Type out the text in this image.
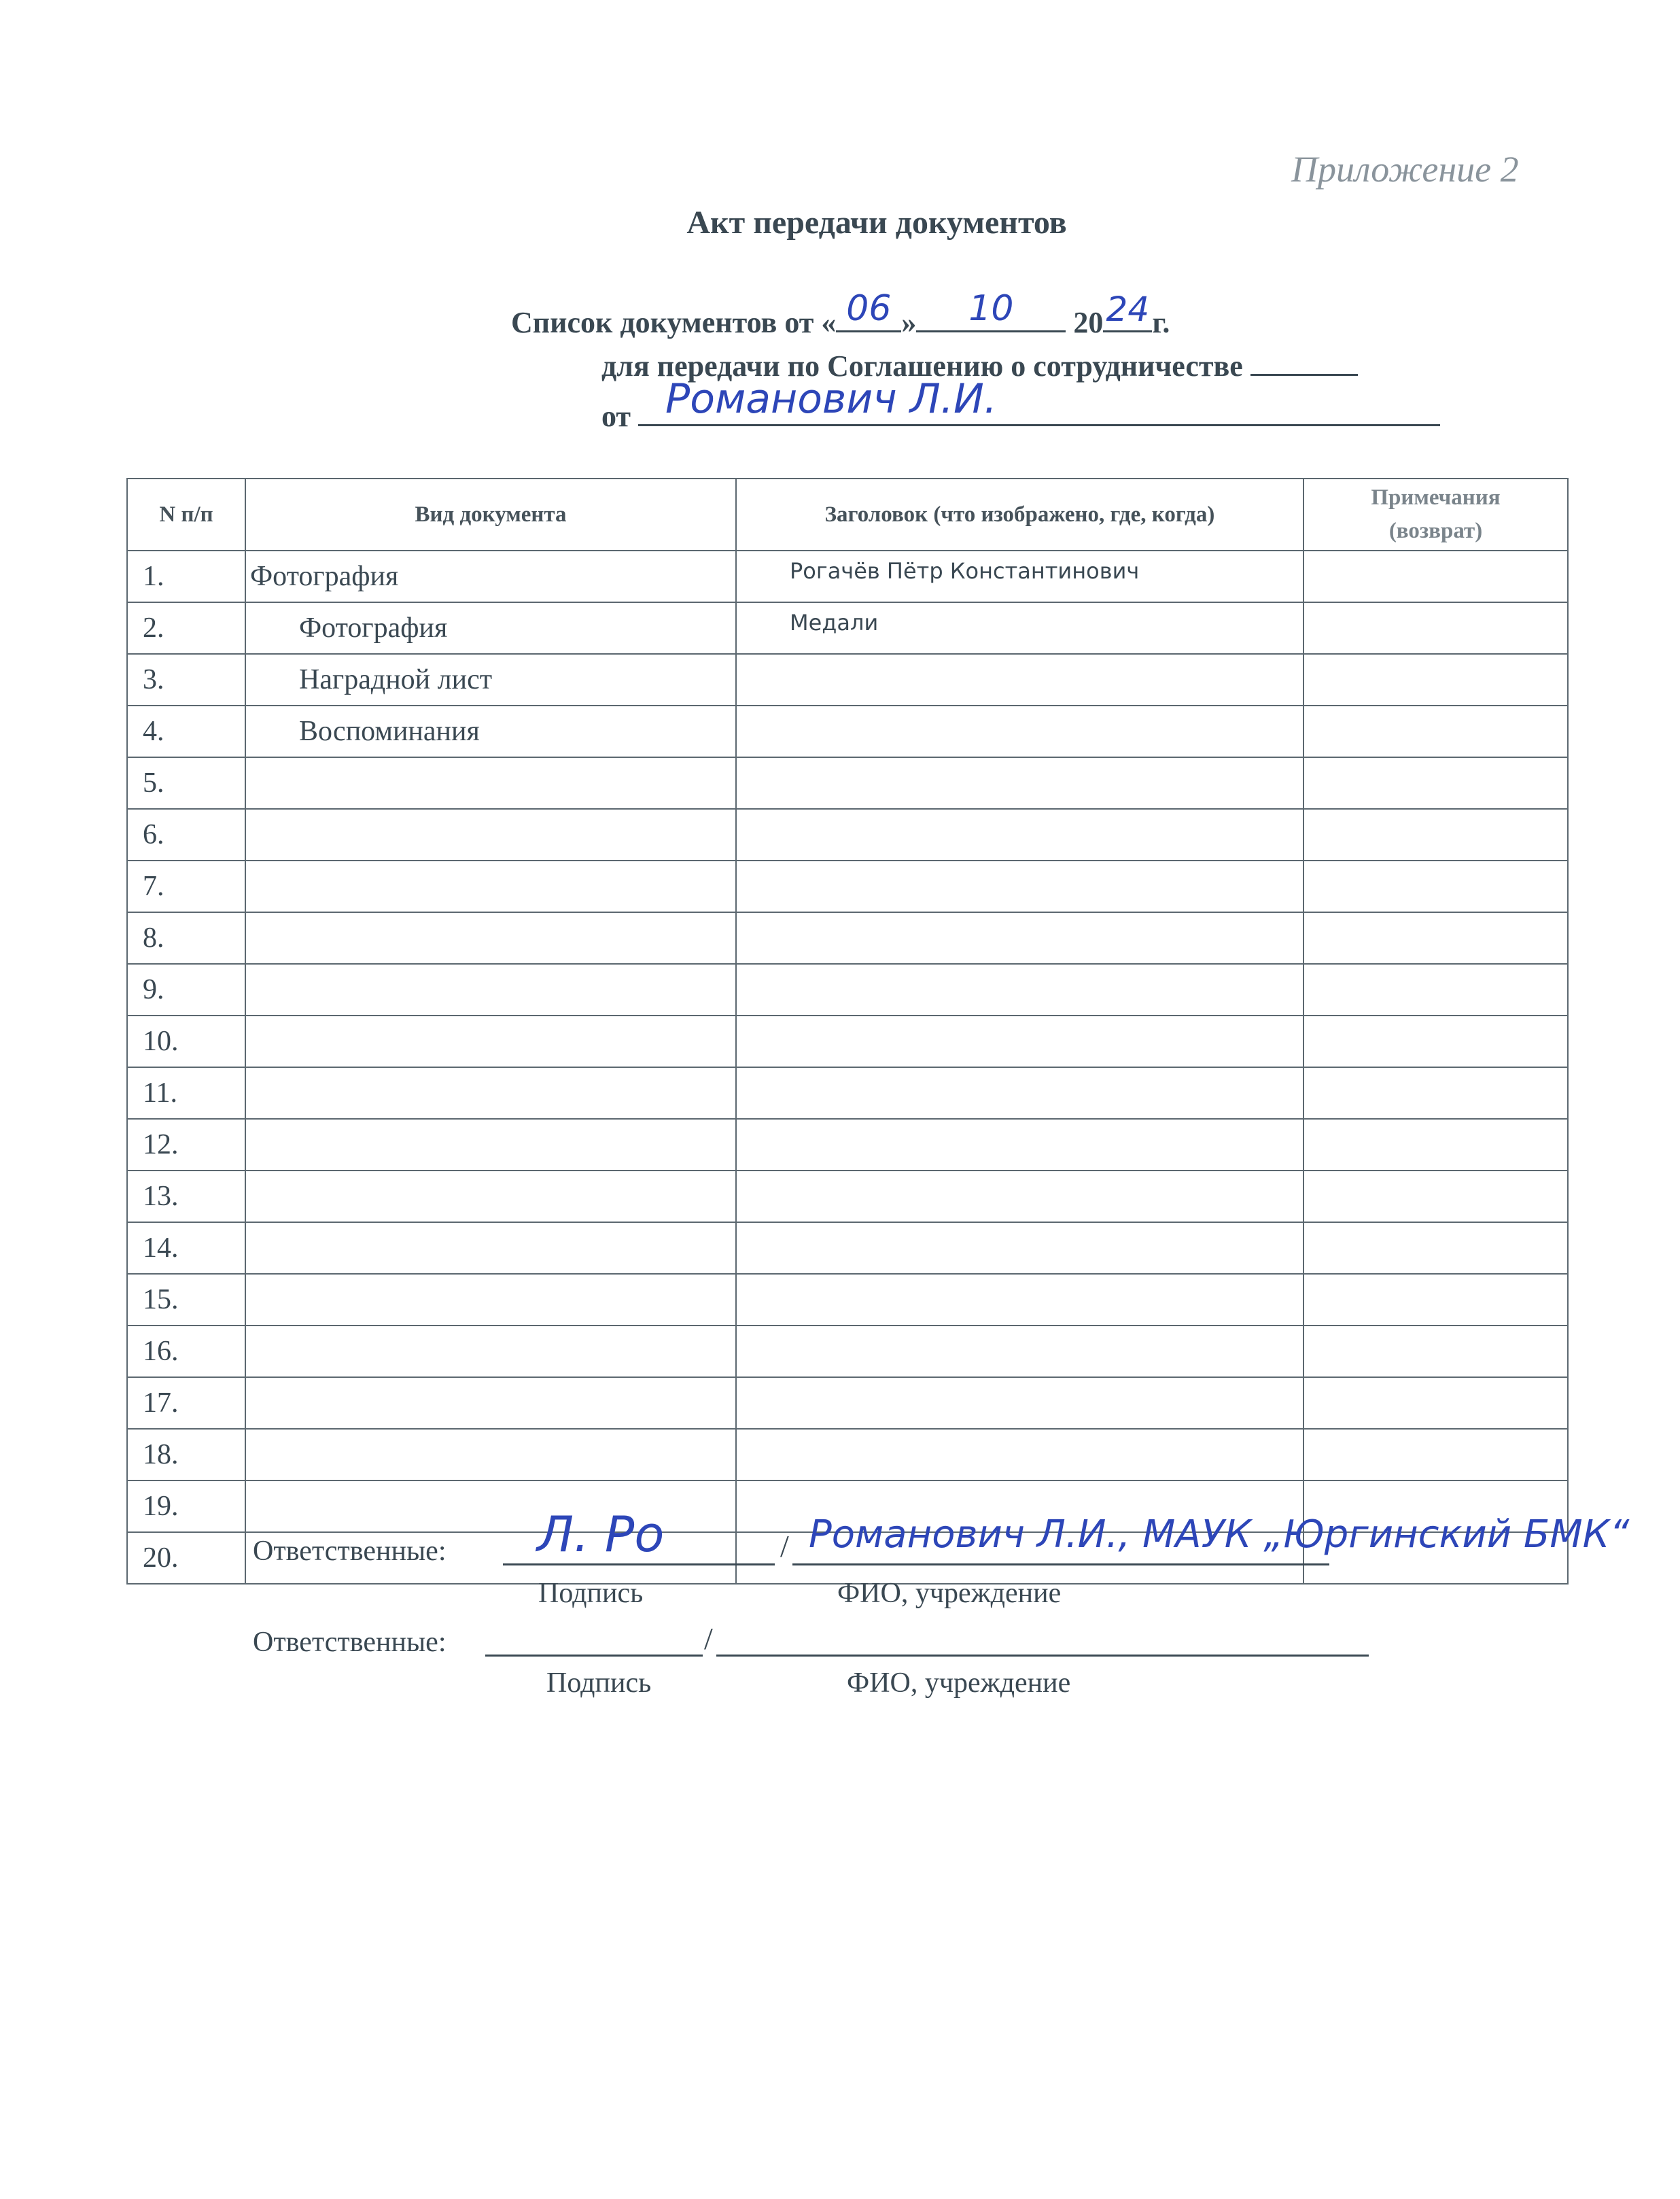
Приложение 2
Акт передачи документов
Список документов от « 06 »	10	20 24 г.
для передачи по Соглашению о сотрудничестве
от Романович Л.И.
N п/п	Вид документа	Заголовок (что изображено, где, когда)	Примечания
(возврат)
1.	Фотография	Рогачёв Пётр Константинович	
2.	Фотография	Медали	
3.	Наградной лист		
4.	Воспоминания		
5.			
6.			
7.			
8.			
9.			
10.			
11.			
12.			
13.			
14.			
15.			
16.			
17.			
18.			
19.			
20.				Ответственные: Л. Ро	/ Романович Л.И., МАУК „Юргинский БМК“
Подпись	ФИО, учреждение
Ответственные:	/
Подпись	ФИО, учреждение
